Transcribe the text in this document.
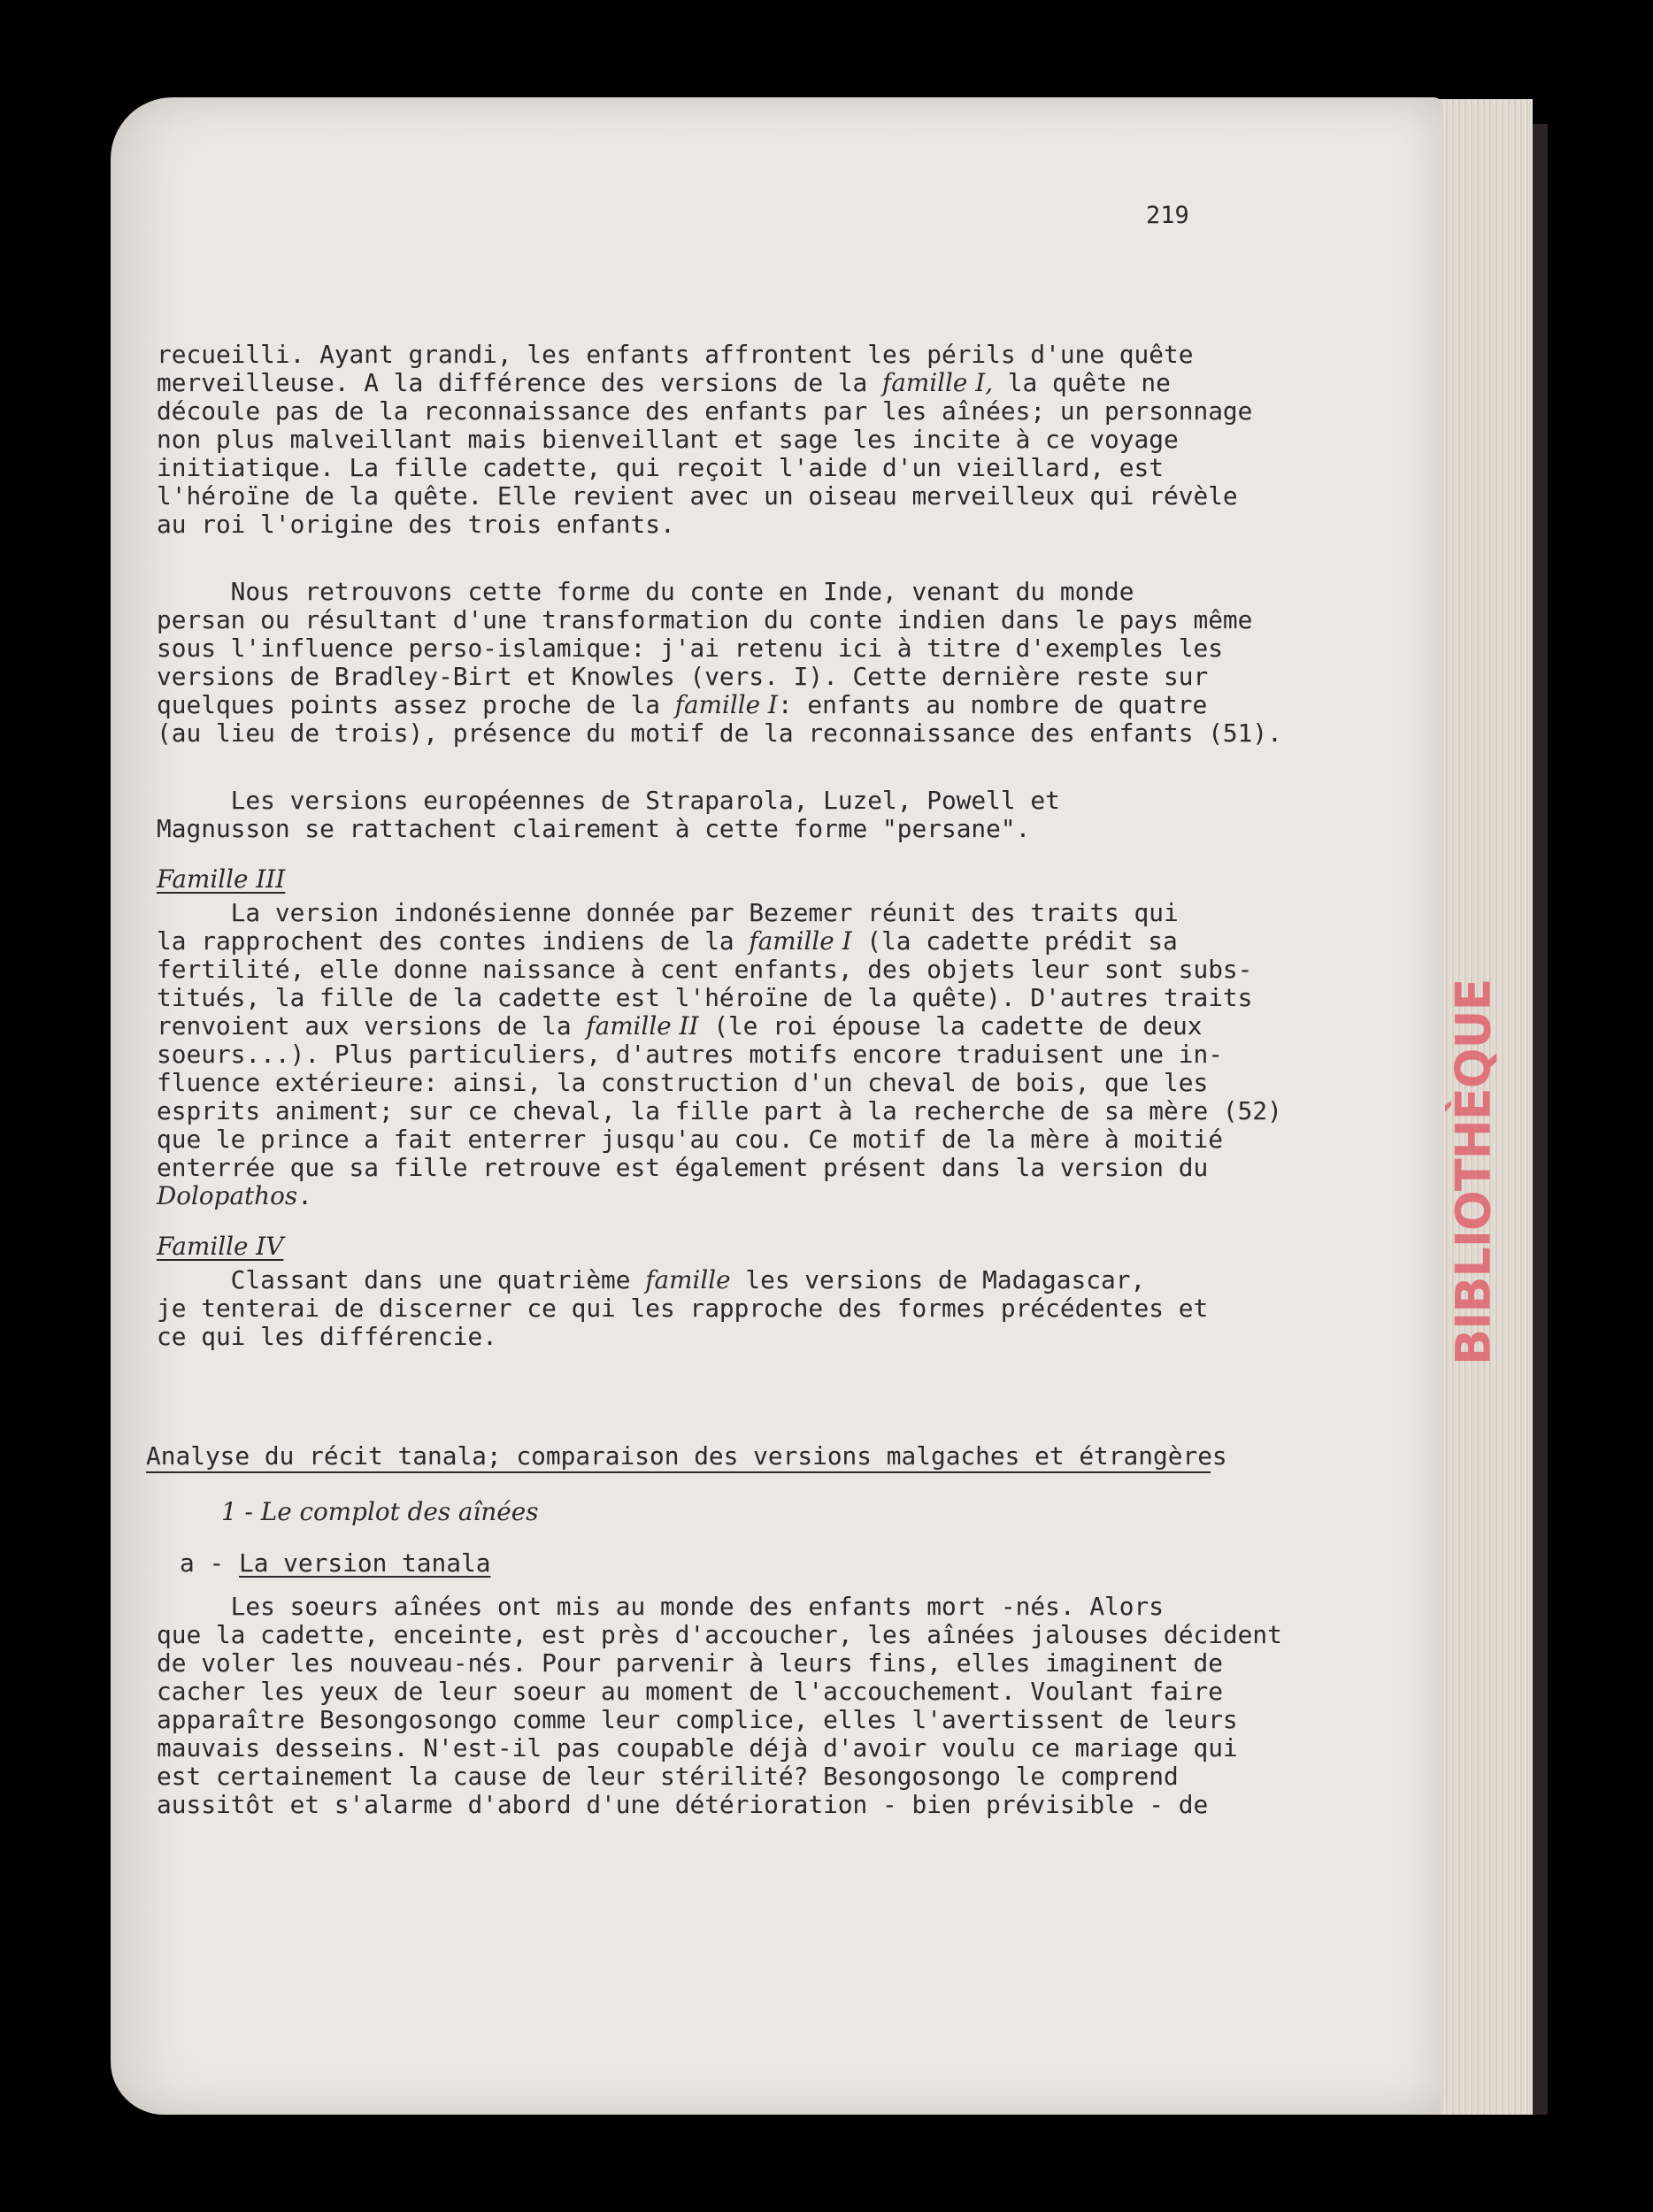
BIBLIOTHÈQUE
219
recueilli. Ayant grandi, les enfants affrontent les périls d'une quête
merveilleuse. A la différence des versions de la famille I, la quête ne
découle pas de la reconnaissance des enfants par les aînées; un personnage
non plus malveillant mais bienveillant et sage les incite à ce voyage
initiatique. La fille cadette, qui reçoit l'aide d'un vieillard, est
l'héroïne de la quête. Elle revient avec un oiseau merveilleux qui révèle
au roi l'origine des trois enfants.
Nous retrouvons cette forme du conte en Inde, venant du monde
persan ou résultant d'une transformation du conte indien dans le pays même
sous l'influence perso-islamique: j'ai retenu ici à titre d'exemples les
versions de Bradley-Birt et Knowles (vers. I). Cette dernière reste sur
quelques points assez proche de la famille I: enfants au nombre de quatre
(au lieu de trois), présence du motif de la reconnaissance des enfants (51).
Les versions européennes de Straparola, Luzel, Powell et
Magnusson se rattachent clairement à cette forme "persane".
Famille III
La version indonésienne donnée par Bezemer réunit des traits qui
la rapprochent des contes indiens de la famille I (la cadette prédit sa
fertilité, elle donne naissance à cent enfants, des objets leur sont subs-
titués, la fille de la cadette est l'héroïne de la quête). D'autres traits
renvoient aux versions de la famille II (le roi épouse la cadette de deux
soeurs...). Plus particuliers, d'autres motifs encore traduisent une in-
fluence extérieure: ainsi, la construction d'un cheval de bois, que les
esprits animent; sur ce cheval, la fille part à la recherche de sa mère (52)
que le prince a fait enterrer jusqu'au cou. Ce motif de la mère à moitié
enterrée que sa fille retrouve est également présent dans la version du
Dolopathos.
Famille IV
Classant dans une quatrième famille les versions de Madagascar,
je tenterai de discerner ce qui les rapproche des formes précédentes et
ce qui les différencie.
Analyse du récit tanala; comparaison des versions malgaches et étrangères
1 - Le complot des aînées
a - La version tanala
Les soeurs aînées ont mis au monde des enfants mort -nés. Alors
que la cadette, enceinte, est près d'accoucher, les aînées jalouses décident
de voler les nouveau-nés. Pour parvenir à leurs fins, elles imaginent de
cacher les yeux de leur soeur au moment de l'accouchement. Voulant faire
apparaître Besongosongo comme leur complice, elles l'avertissent de leurs
mauvais desseins. N'est-il pas coupable déjà d'avoir voulu ce mariage qui
est certainement la cause de leur stérilité? Besongosongo le comprend
aussitôt et s'alarme d'abord d'une détérioration - bien prévisible - de
